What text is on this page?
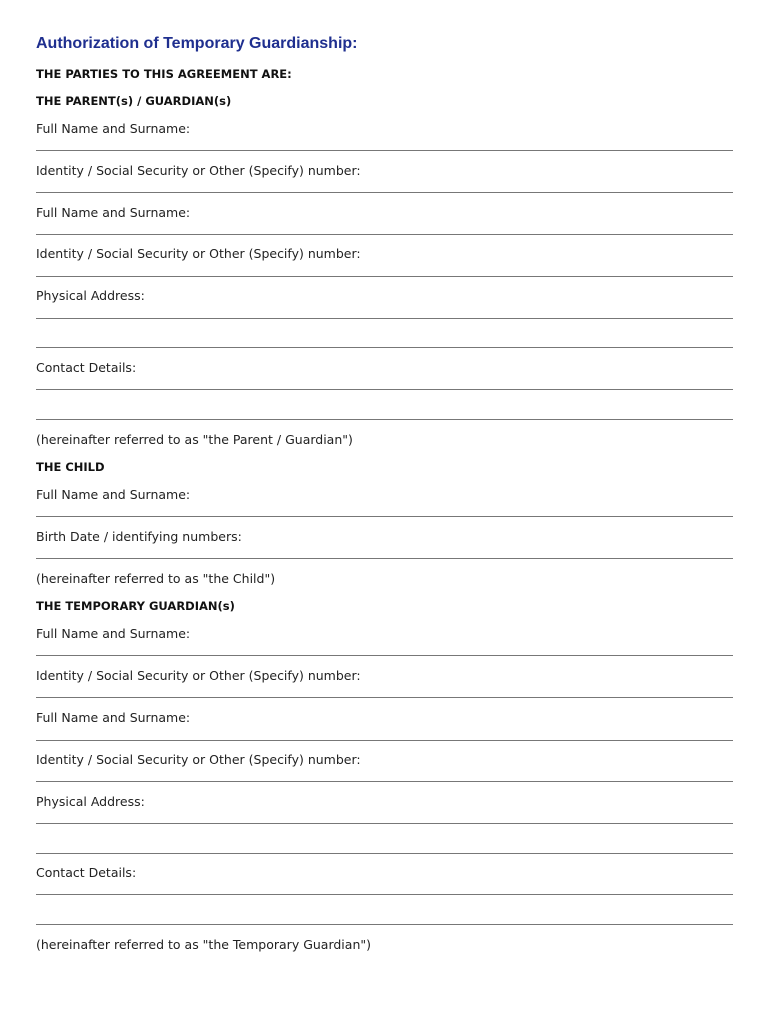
Authorization of Temporary Guardianship:
THE PARTIES TO THIS AGREEMENT ARE:
THE PARENT(s) / GUARDIAN(s)
Full Name and Surname:
Identity / Social Security or Other (Specify) number:
Full Name and Surname:
Identity / Social Security or Other (Specify) number:
Physical Address:
Contact Details:
(hereinafter referred to as "the Parent / Guardian")
THE CHILD
Full Name and Surname:
Birth Date / identifying numbers:
(hereinafter referred to as "the Child")
THE TEMPORARY GUARDIAN(s)
Full Name and Surname:
Identity / Social Security or Other (Specify) number:
Full Name and Surname:
Identity / Social Security or Other (Specify) number:
Physical Address:
Contact Details:
(hereinafter referred to as "the Temporary Guardian")
